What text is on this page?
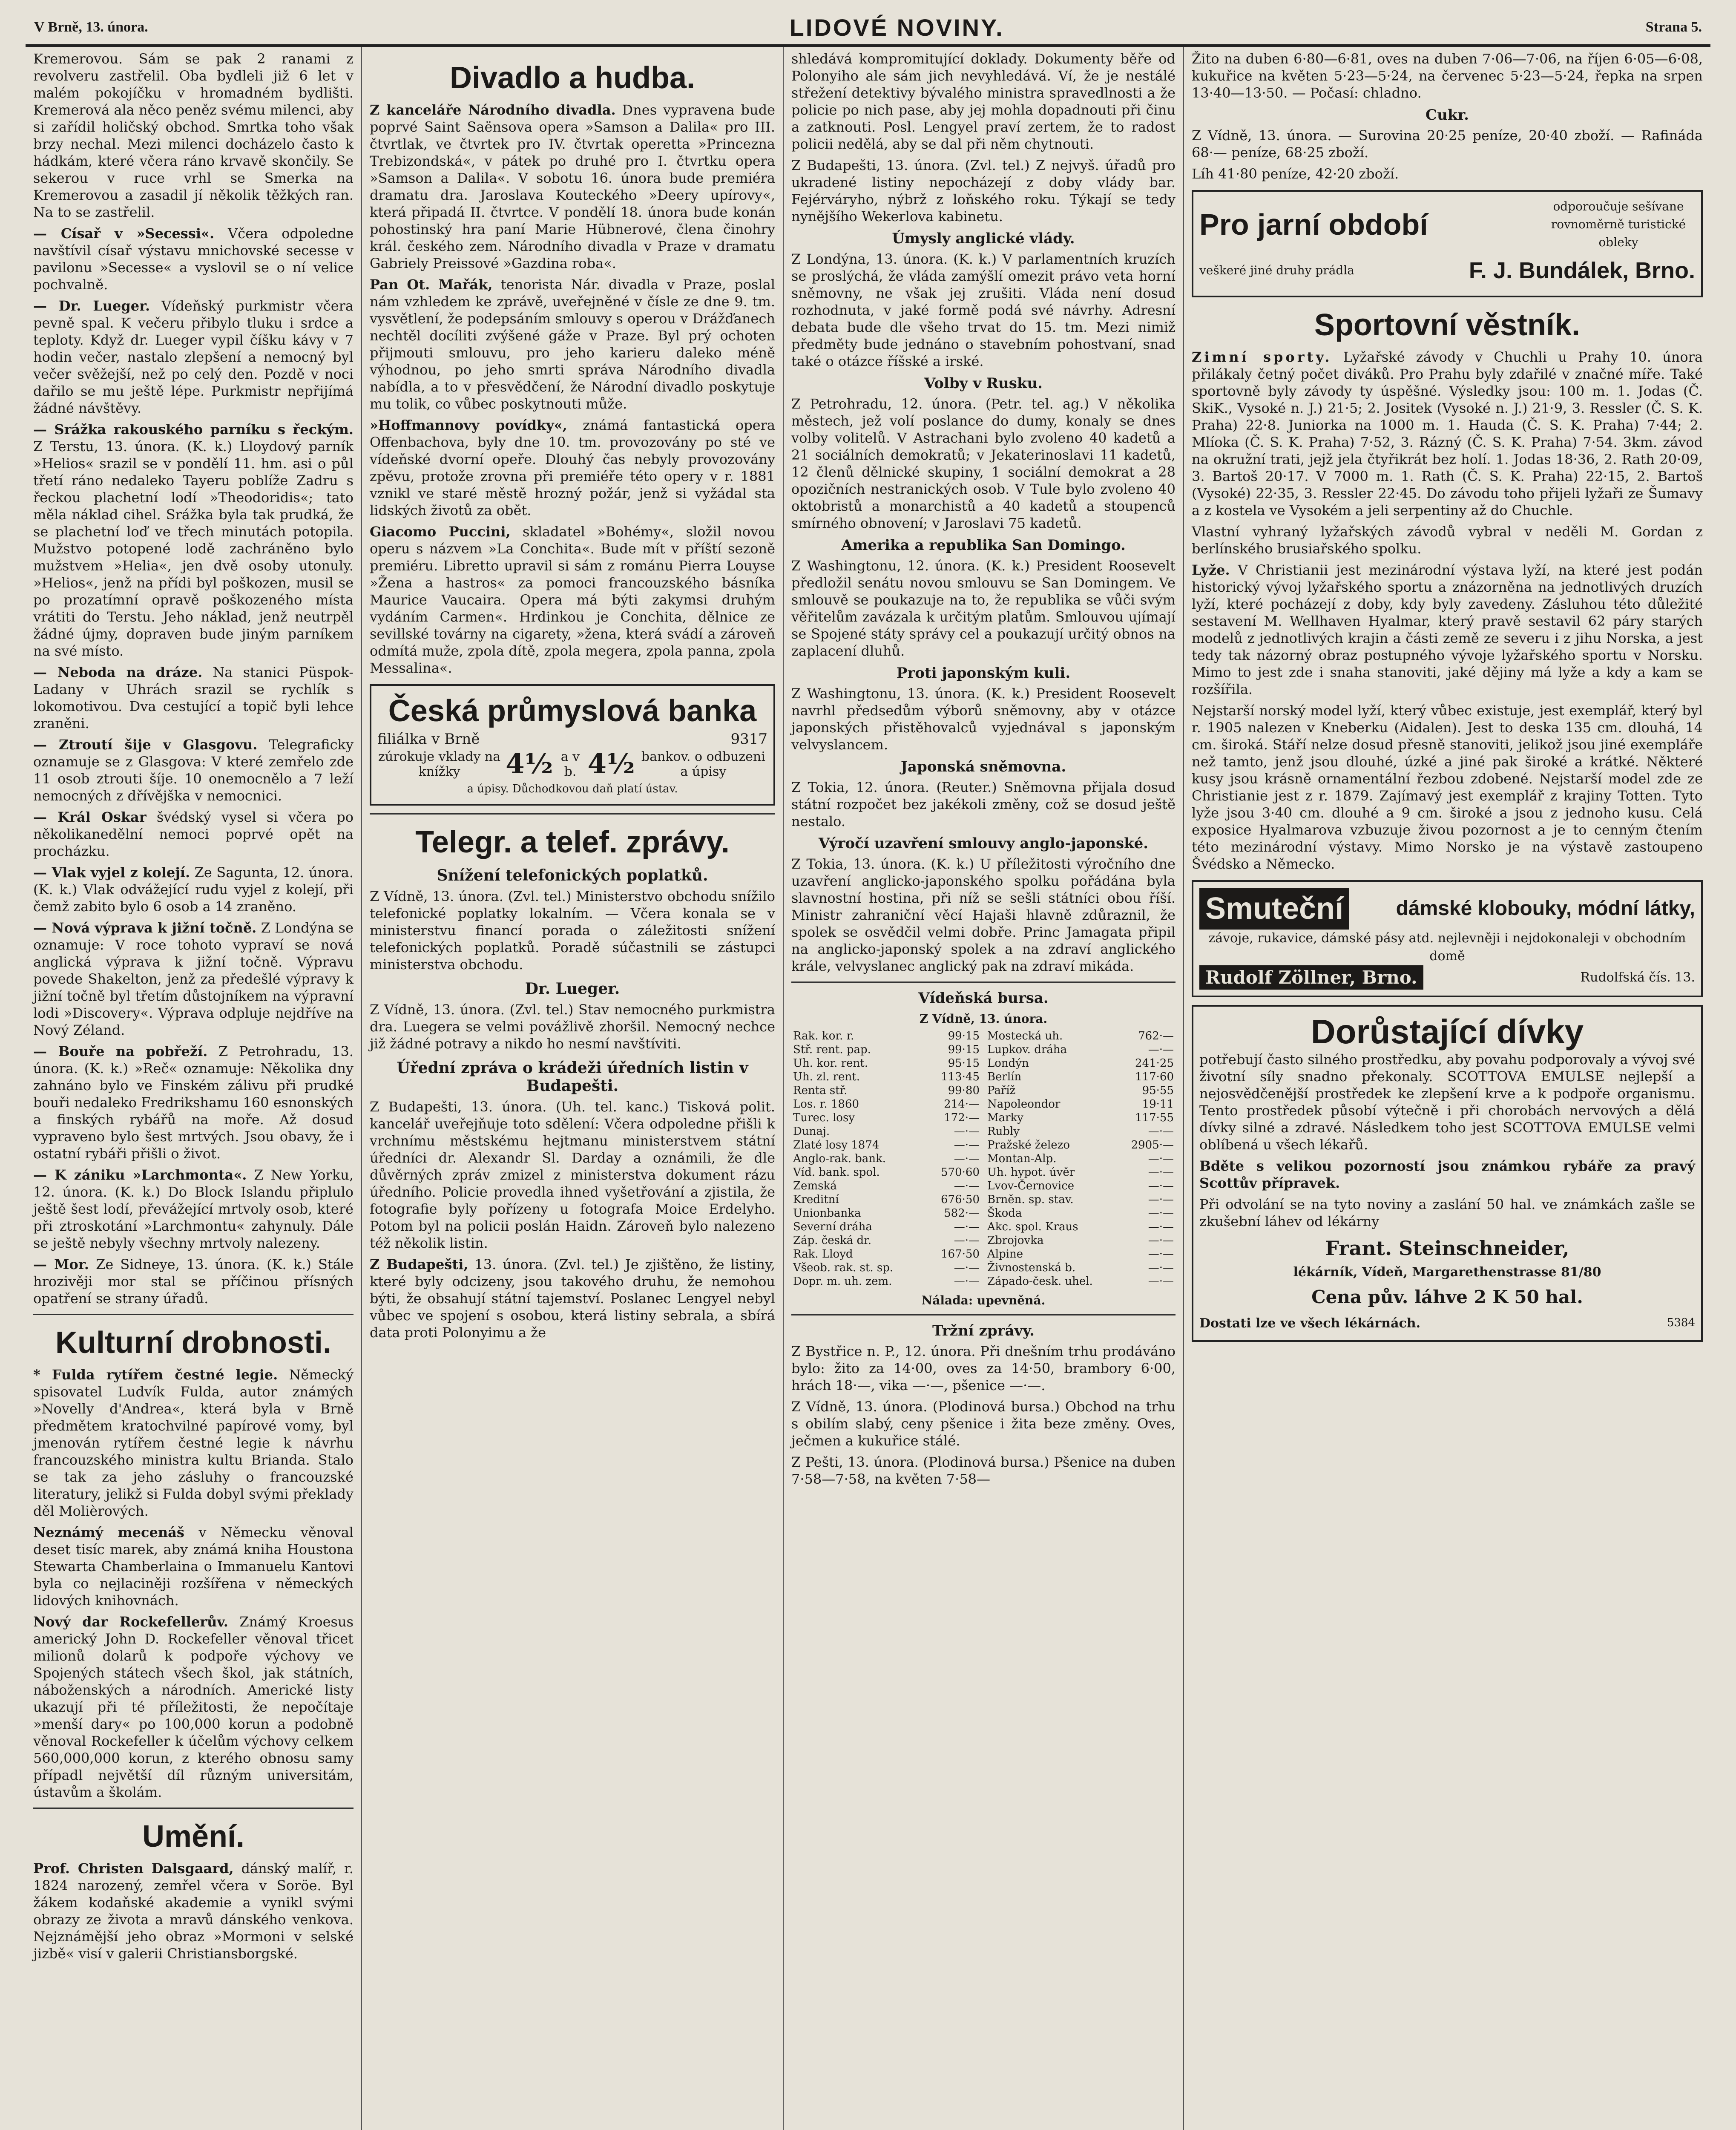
V Brně, 13. února.	LIDOVÉ NOVINY.	Strana 5.

Kremerovou. Sám se pak 2 ranami z revolveru zastřelil. Oba bydleli již 6 let v malém pokojíčku v hromadném bydlišti. Kremerová ala něco peněz svému milenci, aby si zařídil holičský obchod. Smrtka toho však brzy nechal. Mezi milenci docházelo často k hádkám, které včera ráno krvavě skončily. Se sekerou v ruce vrhl se Smerka na Kremerovou a zasadil jí několik těžkých ran. Na to se zastřelil.

— Císař v »Secessi«. Včera odpoledne navštívil císař výstavu mnichovské secesse v pavilonu »Secesse« a vyslovil se o ní velice pochvalně.

— Dr. Lueger. Vídeňský purkmistr včera pevně spal. K večeru přibylo tluku i srdce a teploty. Když dr. Lueger vypil číšku kávy v 7 hodin večer, nastalo zlepšení a nemocný byl večer svěžejší, než po celý den. Pozdě v noci dařilo se mu ještě lépe. Purkmistr nepřijímá žádné návštěvy.

— Srážka rakouského parníku s řeckým. Z Terstu, 13. února. (K. k.) Lloydový parník »Helios« srazil se v pondělí 11. hm. asi o půl třetí ráno nedaleko Tayeru poblíže Zadru s řeckou plachetní lodí »Theodoridis«; tato měla náklad cihel. Srážka byla tak prudká, že se plachetní loď ve třech minutách potopila. Mužstvo potopené lodě zachráněno bylo mužstvem »Helia«, jen dvě osoby utonuly. »Helios«, jenž na přídi byl poškozen, musil se po prozatímní opravě poškozeného místa vrátiti do Terstu. Jeho náklad, jenž neutrpěl žádné újmy, dopraven bude jiným parníkem na své místo.

— Neboda na dráze. Na stanici Püspok-Ladany v Uhrách srazil se rychlík s lokomotivou. Dva cestující a topič byli lehce zraněni.

— Ztroutí šije v Glasgovu. Telegraficky oznamuje se z Glasgova: V které zemřelo zde 11 osob ztrouti šíje. 10 onemocnělo a 7 leží nemocných z dřívějška v nemocnici.

— Král Oskar švédský vysel si včera po několikanedělní nemoci poprvé opět na procházku.

— Vlak vyjel z kolejí. Ze Sagunta, 12. února. (K. k.) Vlak odvážející rudu vyjel z kolejí, při čemž zabito bylo 6 osob a 14 zraněno.

— Nová výprava k jižní točně. Z Londýna se oznamuje: V roce tohoto vypraví se nová anglická výprava k jižní točně. Výpravu povede Shakelton, jenž za předešlé výpravy k jižní točně byl třetím důstojníkem na výpravní lodi »Discovery«. Výprava odpluje nejdříve na Nový Zéland.

— Bouře na pobřeží. Z Petrohradu, 13. února. (K. k.) »Reč« oznamuje: Několika dny zahnáno bylo ve Finském zálivu při prudké bouři nedaleko Fredrikshamu 160 esnonských a finských rybářů na moře. Až dosud vypraveno bylo šest mrtvých. Jsou obavy, že i ostatní rybáři přišli o život.

— K zániku »Larchmonta«. Z New Yorku, 12. února. (K. k.) Do Block Islandu připlulo ještě šest lodí, převážející mrtvoly osob, které při ztroskotání »Larchmontu« zahynuly. Dále se ještě nebyly všechny mrtvoly nalezeny.

— Mor. Ze Sidneye, 13. února. (K. k.) Stále hrozivěji mor stal se příčinou přísných opatření se strany úřadů.

Kulturní drobnosti.

* Fulda rytířem čestné legie. Německý spisovatel Ludvík Fulda, autor známých »Novelly d'Andrea«, která byla v Brně předmětem kratochvilné papírové vomy, byl jmenován rytířem čestné legie k návrhu francouzského ministra kultu Brianda. Stalo se tak za jeho zásluhy o francouzské literatury, jelikž si Fulda dobyl svými překlady děl Molièrových.

Neznámý mecenáš v Německu věnoval deset tisíc marek, aby známá kniha Houstona Stewarta Chamberlaina o Immanuelu Kantovi byla co nejlaciněji rozšířena v německých lidových knihovnách.

Nový dar Rockefellerův. Známý Kroesus americký John D. Rockefeller věnoval třicet milionů dolarů k podpoře výchovy ve Spojených státech všech škol, jak státních, náboženských a národních. Americké listy ukazují při té příležitosti, že nepočítaje »menší dary« po 100,000 korun a podobně věnoval Rockefeller k účelům výchovy celkem 560,000,000 korun, z kterého obnosu samy případl největší díl různým universitám, ústavům a školám.

Umění.

Prof. Christen Dalsgaard, dánský malíř, r. 1824 narozený, zemřel včera v Soröe. Byl žákem kodaňské akademie a vynikl svými obrazy ze života a mravů dánského venkova. Nejznámější jeho obraz »Mormoni v selské jizbě« visí v galerii Christiansborgské.

Divadlo a hudba.

Z kanceláře Národního divadla. Dnes vypravena bude poprvé Saint Saënsova opera »Samson a Dalila« pro III. čtvrtlak, ve čtvrtek pro IV. čtvrtak operetta »Princezna Trebizondská«, v pátek po druhé pro I. čtvrtku opera »Samson a Dalila«. V sobotu 16. února bude premiéra dramatu dra. Jaroslava Kouteckého »Deery upírovy«, která připadá II. čtvrtce. V pondělí 18. února bude konán pohostinský hra paní Marie Hübnerové, člena činohry král. českého zem. Národního divadla v Praze v dramatu Gabriely Preissové »Gazdina roba«.

Pan Ot. Mařák, tenorista Nár. divadla v Praze, poslal nám vzhledem ke zprávě, uveřejněné v čísle ze dne 9. tm. vysvětlení, že podepsáním smlouvy s operou v Drážďanech nechtěl docíliti zvýšené gáže v Praze. Byl prý ochoten přijmouti smlouvu, pro jeho karieru daleko méně výhodnou, po jeho smrti správa Národního divadla nabídla, a to v přesvědčení, že Národní divadlo poskytuje mu tolik, co vůbec poskytnouti může.

»Hoffmannovy povídky«, známá fantastická opera Offenbachova, byly dne 10. tm. provozovány po sté ve vídeňské dvorní opeře. Dlouhý čas nebyly provozovány zpěvu, protože zrovna při premiéře této opery v r. 1881 vznikl ve staré městě hrozný požár, jenž si vyžádal sta lidských životů za obět.

Giacomo Puccini, skladatel »Bohémy«, složil novou operu s názvem »La Conchita«. Bude mít v příští sezoně premiéru. Libretto upravil si sám z románu Pierra Louyse »Žena a hastros« za pomoci francouzského básníka Maurice Vaucaira. Opera má býti zakymsi druhým vydáním Carmen«. Hrdinkou je Conchita, dělnice ze sevillské továrny na cigarety, »žena, která svádí a zároveň odmítá muže, zpola dítě, zpola megera, zpola panna, zpola Messalina«.

Česká průmyslová banka
filiálka v Brně	9317
zúrokuje vklady na knížky	4½ a v b. 4½ bankov. o odbuzeni a úpisy
a úpisy. Důchodkovou daň platí ústav.
Telegr. a telef. zprávy.
Snížení telefonických poplatků.

Z Vídně, 13. února. (Zvl. tel.) Ministerstvo obchodu snížilo telefonické poplatky lokalním. — Včera konala se v ministerstvu financí porada o záležitosti snížení telefonických poplatků. Poradě súčastnili se zástupci ministerstva obchodu.

Dr. Lueger.

Z Vídně, 13. února. (Zvl. tel.) Stav nemocného purkmistra dra. Luegera se velmi povážlivě zhoršil. Nemocný nechce již žádné potravy a nikdo ho nesmí navštíviti.

Úřední zpráva o krádeži úředních listin v Budapešti.

Z Budapešti, 13. února. (Uh. tel. kanc.) Tisková polit. kancelář uveřejňuje toto sdělení: Včera odpoledne přišli k vrchnímu městskému hejtmanu ministerstvem státní úředníci dr. Alexandr Sl. Darday a oznámili, že dle důvěrných zpráv zmizel z ministerstva dokument rázu úředního. Policie provedla ihned vyšetřování a zjistila, že fotografie byly pořízeny u fotografa Moice Erdelyho. Potom byl na policii poslán Haidn. Zároveň bylo nalezeno též několik listin.

Z Budapešti, 13. února. (Zvl. tel.) Je zjištěno, že listiny, které byly odcizeny, jsou takového druhu, že nemohou býti, že obsahují státní tajemství. Poslanec Lengyel nebyl vůbec ve spojení s osobou, která listiny sebrala, a sbírá data proti Polonyimu a že

shledává kompromitující doklady. Dokumenty běře od Polonyiho ale sám jich nevyhledává. Ví, že je nestálé střežení detektivy bývalého ministra spravedlnosti a že policie po nich pase, aby jej mohla dopadnouti při činu a zatknouti. Posl. Lengyel praví zertem, že to radost policii nedělá, aby se dal při něm chytnouti.

Z Budapešti, 13. února. (Zvl. tel.) Z nejvyš. úřadů pro ukradené listiny nepocházejí z doby vlády bar. Fejérváryho, nýbrž z loňského roku. Týkají se tedy nynějšího Wekerlova kabinetu.

Úmysly anglické vlády.

Z Londýna, 13. února. (K. k.) V parlamentních kruzích se proslýchá, že vláda zamýšlí omezit právo veta horní sněmovny, ne však jej zrušiti. Vláda není dosud rozhodnuta, v jaké formě podá své návrhy. Adresní debata bude dle všeho trvat do 15. tm. Mezi nimiž předměty bude jednáno o stavebním pohostvaní, snad také o otázce říšské a irské.

Volby v Rusku.

Z Petrohradu, 12. února. (Petr. tel. ag.) V několika městech, jež volí poslance do dumy, konaly se dnes volby volitelů. V Astrachani bylo zvoleno 40 kadetů a 21 sociálních demokratů; v Jekaterinoslavi 11 kadetů, 12 členů dělnické skupiny, 1 sociální demokrat a 28 opozičních nestranických osob. V Tule bylo zvoleno 40 oktobristů a monarchistů a 40 kadetů a stoupenců smírného obnovení; v Jaroslavi 75 kadetů.

Amerika a republika San Domingo.

Z Washingtonu, 12. února. (K. k.) President Roosevelt předložil senátu novou smlouvu se San Domingem. Ve smlouvě se poukazuje na to, že republika se vůči svým věřitelům zavázala k určitým platům. Smlouvou ujímají se Spojené státy správy cel a poukazují určitý obnos na zaplacení dluhů.

Proti japonským kuli.

Z Washingtonu, 13. února. (K. k.) President Roosevelt navrhl předsedům výborů sněmovny, aby v otázce japonských přistěhovalců vyjednával s japonským velvyslancem.

Japonská sněmovna.

Z Tokia, 12. února. (Reuter.) Sněmovna přijala dosud státní rozpočet bez jakékoli změny, což se dosud ještě nestalo.

Výročí uzavření smlouvy anglo-japonské.

Z Tokia, 13. února. (K. k.) U příležitosti výročního dne uzavření anglicko-japonského spolku pořádána byla slavnostní hostina, při níž se sešli státníci obou říší. Ministr zahraniční věcí Hajaši hlavně zdůraznil, že spolek se osvědčil velmi dobře. Princ Jamagata připil na anglicko-japonský spolek a na zdraví anglického krále, velvyslanec anglický pak na zdraví mikáda.

Vídeňská bursa.
Z Vídně, 13. února.
Rak. kor. r.	99·15
Stř. rent. pap.	99·15
Uh. kor. rent.	95·15
Uh. zl. rent.	113·45
Renta stř.	99·80
Los. r. 1860	214·—
Turec. losy	172·—
Dunaj.	—·—
Zlaté losy 1874	—·—
Anglo-rak. bank.	—·—
Víd. bank. spol.	570·60
Zemská	—·—
Kreditní	676·50
Unionbanka	582·—
Severní dráha	—·—
Záp. česká dr.	—·—
Rak. Lloyd	167·50
Všeob. rak. st. sp.	—·—
Dopr. m. uh. zem.	—·—
Mostecká uh.	762·—
Lupkov. dráha	—·—
Londýn	241·25
Berlín	117·60
Paříž	95·55
Napoleondor	19·11
Marky	117·55
Rubly	—·—
Pražské železo	2905·—
Montan-Alp.	—·—
Uh. hypot. úvěr	—·—
Lvov-Černovice	—·—
Brněn. sp. stav.	—·—
Škoda	—·—
Akc. spol. Kraus	—·—
Zbrojovka	—·—
Alpine	—·—
Živnostenská b.	—·—
Západo-česk. uhel.	—·—
Nálada: upevněná.
Tržní zprávy.

Z Bystřice n. P., 12. února. Při dnešním trhu prodáváno bylo: žito za 14·00, oves za 14·50, brambory 6·00, hrách 18·—, vika —·—, pšenice —·—.

Z Vídně, 13. února. (Plodinová bursa.) Obchod na trhu s obilím slabý, ceny pšenice i žita beze změny. Oves, ječmen a kukuřice stálé.

Z Pešti, 13. února. (Plodinová bursa.) Pšenice na duben 7·58—7·58, na květen 7·58—

Žito na duben 6·80—6·81, oves na duben 7·06—7·06, na říjen 6·05—6·08, kukuřice na květen 5·23—5·24, na červenec 5·23—5·24, řepka na srpen 13·40—13·50. — Počasí: chladno.

Cukr.

Z Vídně, 13. února. — Surovina 20·25 peníze, 20·40 zboží. — Rafináda 68·— peníze, 68·25 zboží.

Líh 41·80 peníze, 42·20 zboží.

Pro jarní období
odporoučuje sešívane rovnoměrně turistické obleky
veškeré jiné druhy prádla	F. J. Bundálek, Brno.
Sportovní věstník.

Zimní sporty. Lyžařské závody v Chuchli u Prahy 10. února přilákaly četný počet diváků. Pro Prahu byly zdařilé v značné míře. Také sportovně byly závody ty úspěšné. Výsledky jsou: 100 m. 1. Jodas (Č. SkiK., Vysoké n. J.) 21·5; 2. Jositek (Vysoké n. J.) 21·9, 3. Ressler (Č. S. K. Praha) 22·8. Juniorka na 1000 m. 1. Hauda (Č. S. K. Praha) 7·44; 2. Mlíoka (Č. S. K. Praha) 7·52, 3. Rázný (Č. S. K. Praha) 7·54. 3km. závod na okružní trati, jejž jela čtyřikrát bez holí. 1. Jodas 18·36, 2. Rath 20·09, 3. Bartoš 20·17. V 7000 m. 1. Rath (Č. S. K. Praha) 22·15, 2. Bartoš (Vysoké) 22·35, 3. Ressler 22·45. Do závodu toho přijeli lyžaři ze Šumavy a z kostela ve Vysokém a jeli serpentiny až do Chuchle.

Vlastní vyhraný lyžařských závodů vybral v neděli M. Gordan z berlínského brusiařského spolku.

Lyže. V Christianii jest mezinárodní výstava lyží, na které jest podán historický vývoj lyžařského sportu a znázorněna na jednotlivých druzích lyží, které pocházejí z doby, kdy byly zavedeny. Zásluhou této důležité sestavení M. Wellhaven Hyalmar, který pravě sestavil 62 páry starých modelů z jednotlivých krajin a části země ze severu i z jihu Norska, a jest tedy tak názorný obraz postupného vývoje lyžařského sportu v Norsku. Mimo to jest zde i snaha stanoviti, jaké dějiny má lyže a kdy a kam se rozšířila.

Nejstarší norský model lyží, který vůbec existuje, jest exemplář, který byl r. 1905 nalezen v Kneberku (Aidalen). Jest to deska 135 cm. dlouhá, 14 cm. široká. Stáří nelze dosud přesně stanoviti, jelikož jsou jiné exempláře než tamto, jenž jsou dlouhé, úzké a jiné pak široké a krátké. Některé kusy jsou krásně ornamentální řezbou zdobené. Nejstarší model zde ze Christianie jest z r. 1879. Zajímavý jest exemplář z krajiny Totten. Tyto lyže jsou 3·40 cm. dlouhé a 9 cm. široké a jsou z jednoho kusu. Celá exposice Hyalmarova vzbuzuje živou pozornost a je to cenným čtením této mezinárodní výstavy. Mimo Norsko je na výstavě zastoupeno Švédsko a Německo.

Smuteční	dámské klobouky, módní látky,
závoje, rukavice, dámské pásy atd. nejlevněji i nejdokonaleji v obchodním domě
Rudolf Zöllner, Brno.	Rudolfská čís. 13.
Dorůstající dívky

potřebují často silného prostředku, aby povahu podporovaly a vývoj své životní síly snadno překonaly. SCOTTOVA EMULSE nejlepší a nejosvědčenější prostředek ke zlepšení krve a k podpoře organismu. Tento prostředek působí výtečně i při chorobách nervových a dělá dívky silné a zdravé. Následkem toho jest SCOTTOVA EMULSE velmi oblíbená u všech lékařů.

Bděte s velikou pozorností jsou známkou rybáře za pravý Scottův přípravek.

Při odvolání se na tyto noviny a zaslání 50 hal. ve známkách zašle se zkušební láhev od lékárny

Frant. Steinschneider,
lékárník, Vídeň, Margarethenstrasse 81/80
Cena pův. láhve 2 K 50 hal.
Dostati lze ve všech lékárnách.	5384
